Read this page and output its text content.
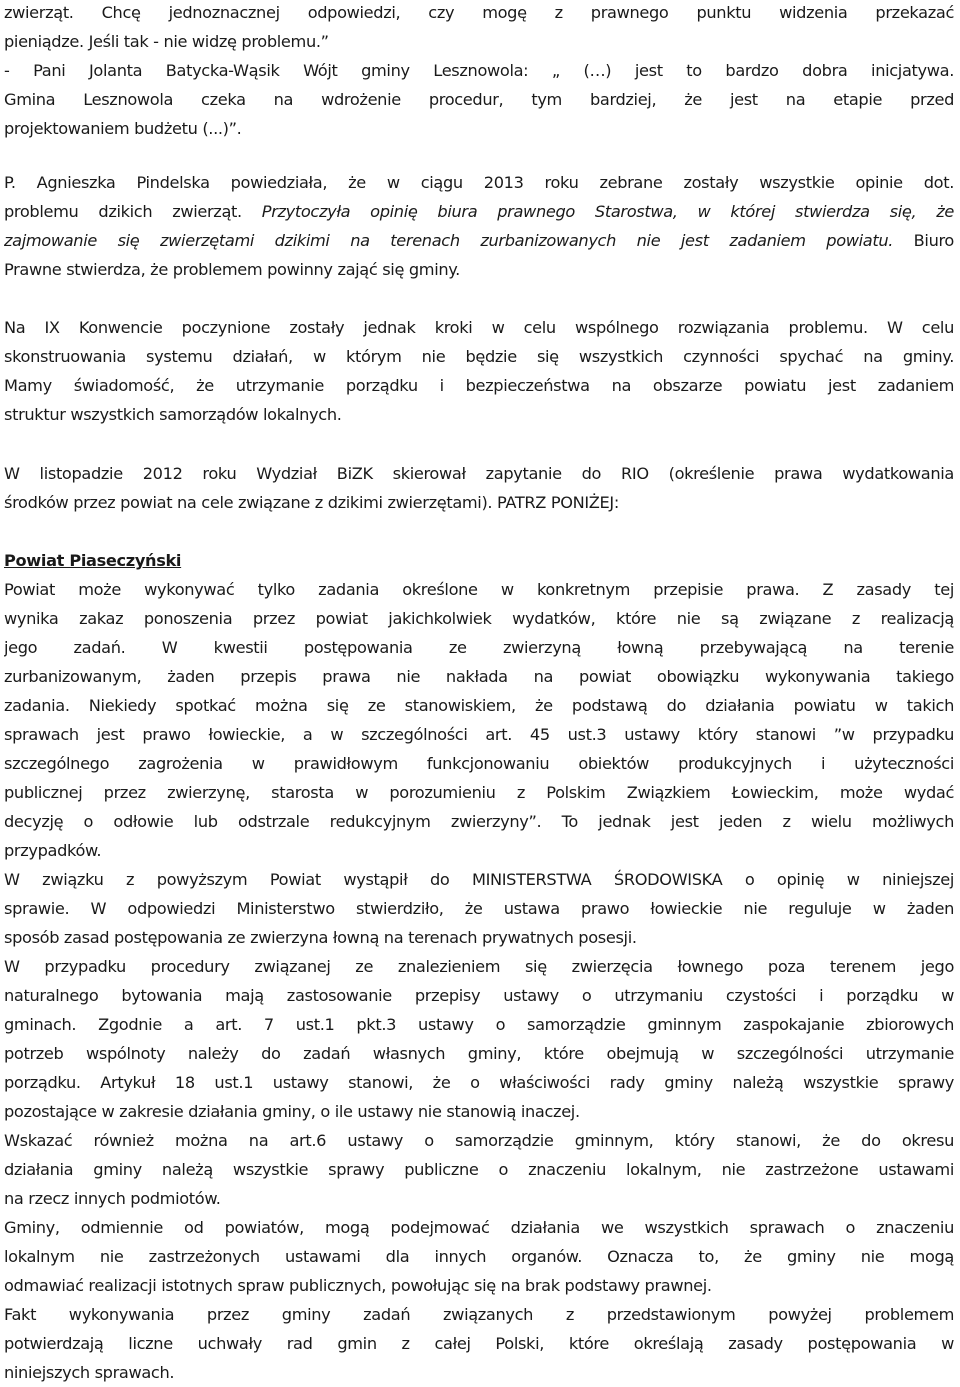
zwierząt. Chcę jednoznacznej odpowiedzi, czy mogę z prawnego punktu widzenia przekazać
pieniądze. Jeśli tak - nie widzę problemu.”
- Pani Jolanta Batycka-Wąsik Wójt gminy Lesznowola: „ (…) jest to bardzo dobra inicjatywa.
Gmina Lesznowola czeka na wdrożenie procedur, tym bardziej, że jest na etapie przed
projektowaniem budżetu (...)”.
P. Agnieszka Pindelska powiedziała, że w ciągu 2013 roku zebrane zostały wszystkie opinie dot.
problemu dzikich zwierząt. Przytoczyła opinię biura prawnego Starostwa, w której stwierdza się, że
zajmowanie się zwierzętami dzikimi na terenach zurbanizowanych nie jest zadaniem powiatu. Biuro
Prawne stwierdza, że problemem powinny zająć się gminy.
Na IX Konwencie poczynione zostały jednak kroki w celu wspólnego rozwiązania problemu. W celu
skonstruowania systemu działań, w którym nie będzie się wszystkich czynności spychać na gminy.
Mamy świadomość, że utrzymanie porządku i bezpieczeństwa na obszarze powiatu jest zadaniem
struktur wszystkich samorządów lokalnych.
W listopadzie 2012 roku Wydział BiZK skierował zapytanie do RIO (określenie prawa wydatkowania
środków przez powiat na cele związane z dzikimi zwierzętami). PATRZ PONIŻEJ:
Powiat Piaseczyński
Powiat może wykonywać tylko zadania określone w konkretnym przepisie prawa. Z zasady tej
wynika zakaz ponoszenia przez powiat jakichkolwiek wydatków, które nie są związane z realizacją
jego zadań. W kwestii postępowania ze zwierzyną łowną przebywającą na terenie
zurbanizowanym, żaden przepis prawa nie nakłada na powiat obowiązku wykonywania takiego
zadania. Niekiedy spotkać można się ze stanowiskiem, że podstawą do działania powiatu w takich
sprawach jest prawo łowieckie, a w szczególności art. 45 ust.3 ustawy który stanowi ”w przypadku
szczególnego zagrożenia w prawidłowym funkcjonowaniu obiektów produkcyjnych i użyteczności
publicznej przez zwierzynę, starosta w porozumieniu z Polskim Związkiem Łowieckim, może wydać
decyzję o odłowie lub odstrzale redukcyjnym zwierzyny”. To jednak jest jeden z wielu możliwych
przypadków.
W związku z powyższym Powiat wystąpił do MINISTERSTWA ŚRODOWISKA o opinię w niniejszej
sprawie. W odpowiedzi Ministerstwo stwierdziło, że ustawa prawo łowieckie nie reguluje w żaden
sposób zasad postępowania ze zwierzyna łowną na terenach prywatnych posesji.
W przypadku procedury związanej ze znalezieniem się zwierzęcia łownego poza terenem jego
naturalnego bytowania mają zastosowanie przepisy ustawy o utrzymaniu czystości i porządku w
gminach. Zgodnie a art. 7 ust.1 pkt.3 ustawy o samorządzie gminnym zaspokajanie zbiorowych
potrzeb wspólnoty należy do zadań własnych gminy, które obejmują w szczególności utrzymanie
porządku. Artykuł 18 ust.1 ustawy stanowi, że o właściwości rady gminy należą wszystkie sprawy
pozostające w zakresie działania gminy, o ile ustawy nie stanowią inaczej.
Wskazać również można na art.6 ustawy o samorządzie gminnym, który stanowi, że do okresu
działania gminy należą wszystkie sprawy publiczne o znaczeniu lokalnym, nie zastrzeżone ustawami
na rzecz innych podmiotów.
Gminy, odmiennie od powiatów, mogą podejmować działania we wszystkich sprawach o znaczeniu
lokalnym nie zastrzeżonych ustawami dla innych organów. Oznacza to, że gminy nie mogą
odmawiać realizacji istotnych spraw publicznych, powołując się na brak podstawy prawnej.
Fakt wykonywania przez gminy zadań związanych z przedstawionym powyżej problemem
potwierdzają liczne uchwały rad gmin z całej Polski, które określają zasady postępowania w
niniejszych sprawach.
